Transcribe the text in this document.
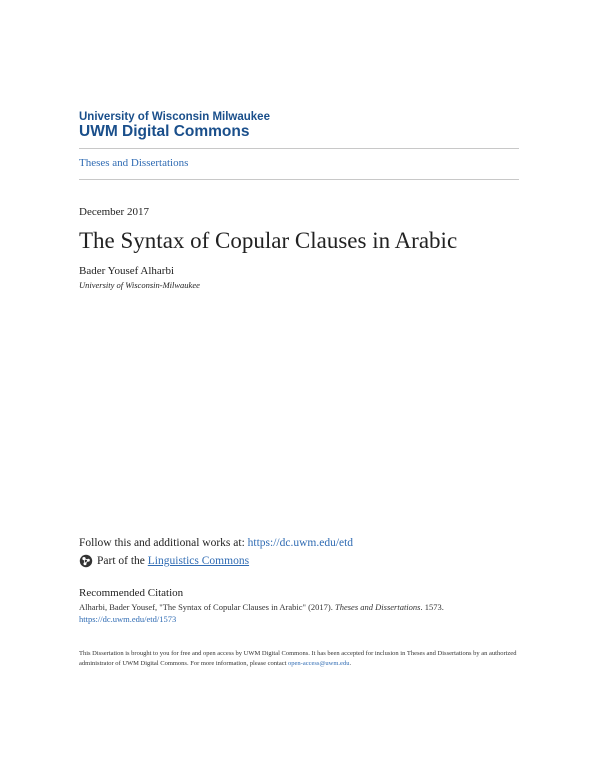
University of Wisconsin Milwaukee
UWM Digital Commons
Theses and Dissertations
December 2017
The Syntax of Copular Clauses in Arabic
Bader Yousef Alharbi
University of Wisconsin-Milwaukee
Follow this and additional works at: https://dc.uwm.edu/etd
Part of the
Linguistics Commons
Recommended Citation
Alharbi, Bader Yousef, "The Syntax of Copular Clauses in Arabic" (2017). Theses and Dissertations. 1573.
https://dc.uwm.edu/etd/1573
This Dissertation is brought to you for free and open access by UWM Digital Commons. It has been accepted for inclusion in Theses and Dissertations by an authorized administrator of UWM Digital Commons. For more information, please contact open-access@uwm.edu.
